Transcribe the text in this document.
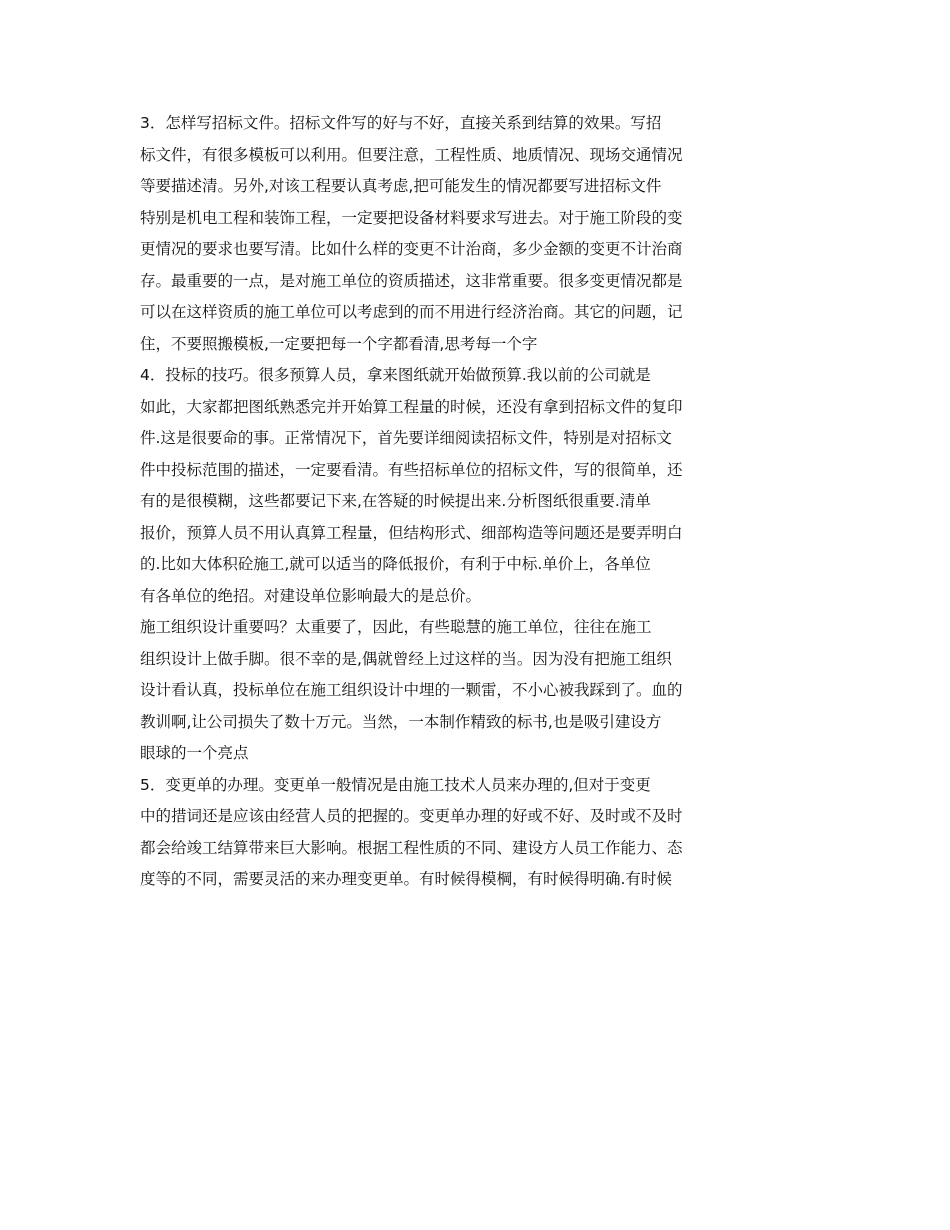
3．怎样写招标文件。招标文件写的好与不好，直接关系到结算的效果。写招
标文件，有很多模板可以利用。但要注意，工程性质、地质情况、现场交通情况
等要描述清。另外,对该工程要认真考虑,把可能发生的情况都要写进招标文件
特别是机电工程和装饰工程，一定要把设备材料要求写进去。对于施工阶段的变
更情况的要求也要写清。比如什么样的变更不计治商，多少金额的变更不计治商
存。最重要的一点，是对施工单位的资质描述，这非常重要。很多变更情况都是
可以在这样资质的施工单位可以考虑到的而不用进行经济治商。其它的问题，记
住，不要照搬模板,一定要把每一个字都看清,思考每一个字
4．投标的技巧。很多预算人员，拿来图纸就开始做预算.我以前的公司就是
如此，大家都把图纸熟悉完并开始算工程量的时候，还没有拿到招标文件的复印
件.这是很要命的事。正常情况下，首先要详细阅读招标文件，特别是对招标文
件中投标范围的描述，一定要看清。有些招标单位的招标文件，写的很简单，还
有的是很模糊，这些都要记下来,在答疑的时候提出来.分析图纸很重要.清单
报价，预算人员不用认真算工程量，但结构形式、细部构造等问题还是要弄明白
的.比如大体积砼施工,就可以适当的降低报价，有利于中标.单价上，各单位
有各单位的绝招。对建设单位影响最大的是总价。
施工组织设计重要吗？太重要了，因此，有些聪慧的施工单位，往往在施工
组织设计上做手脚。很不幸的是,偶就曾经上过这样的当。因为没有把施工组织
设计看认真，投标单位在施工组织设计中埋的一颗雷，不小心被我踩到了。血的
教训啊,让公司损失了数十万元。当然，一本制作精致的标书,也是吸引建设方
眼球的一个亮点
5．变更单的办理。变更单一般情况是由施工技术人员来办理的,但对于变更
中的措词还是应该由经营人员的把握的。变更单办理的好或不好、及时或不及时
都会给竣工结算带来巨大影响。根据工程性质的不同、建设方人员工作能力、态
度等的不同，需要灵活的来办理变更单。有时候得模棡，有时候得明确.有时候
